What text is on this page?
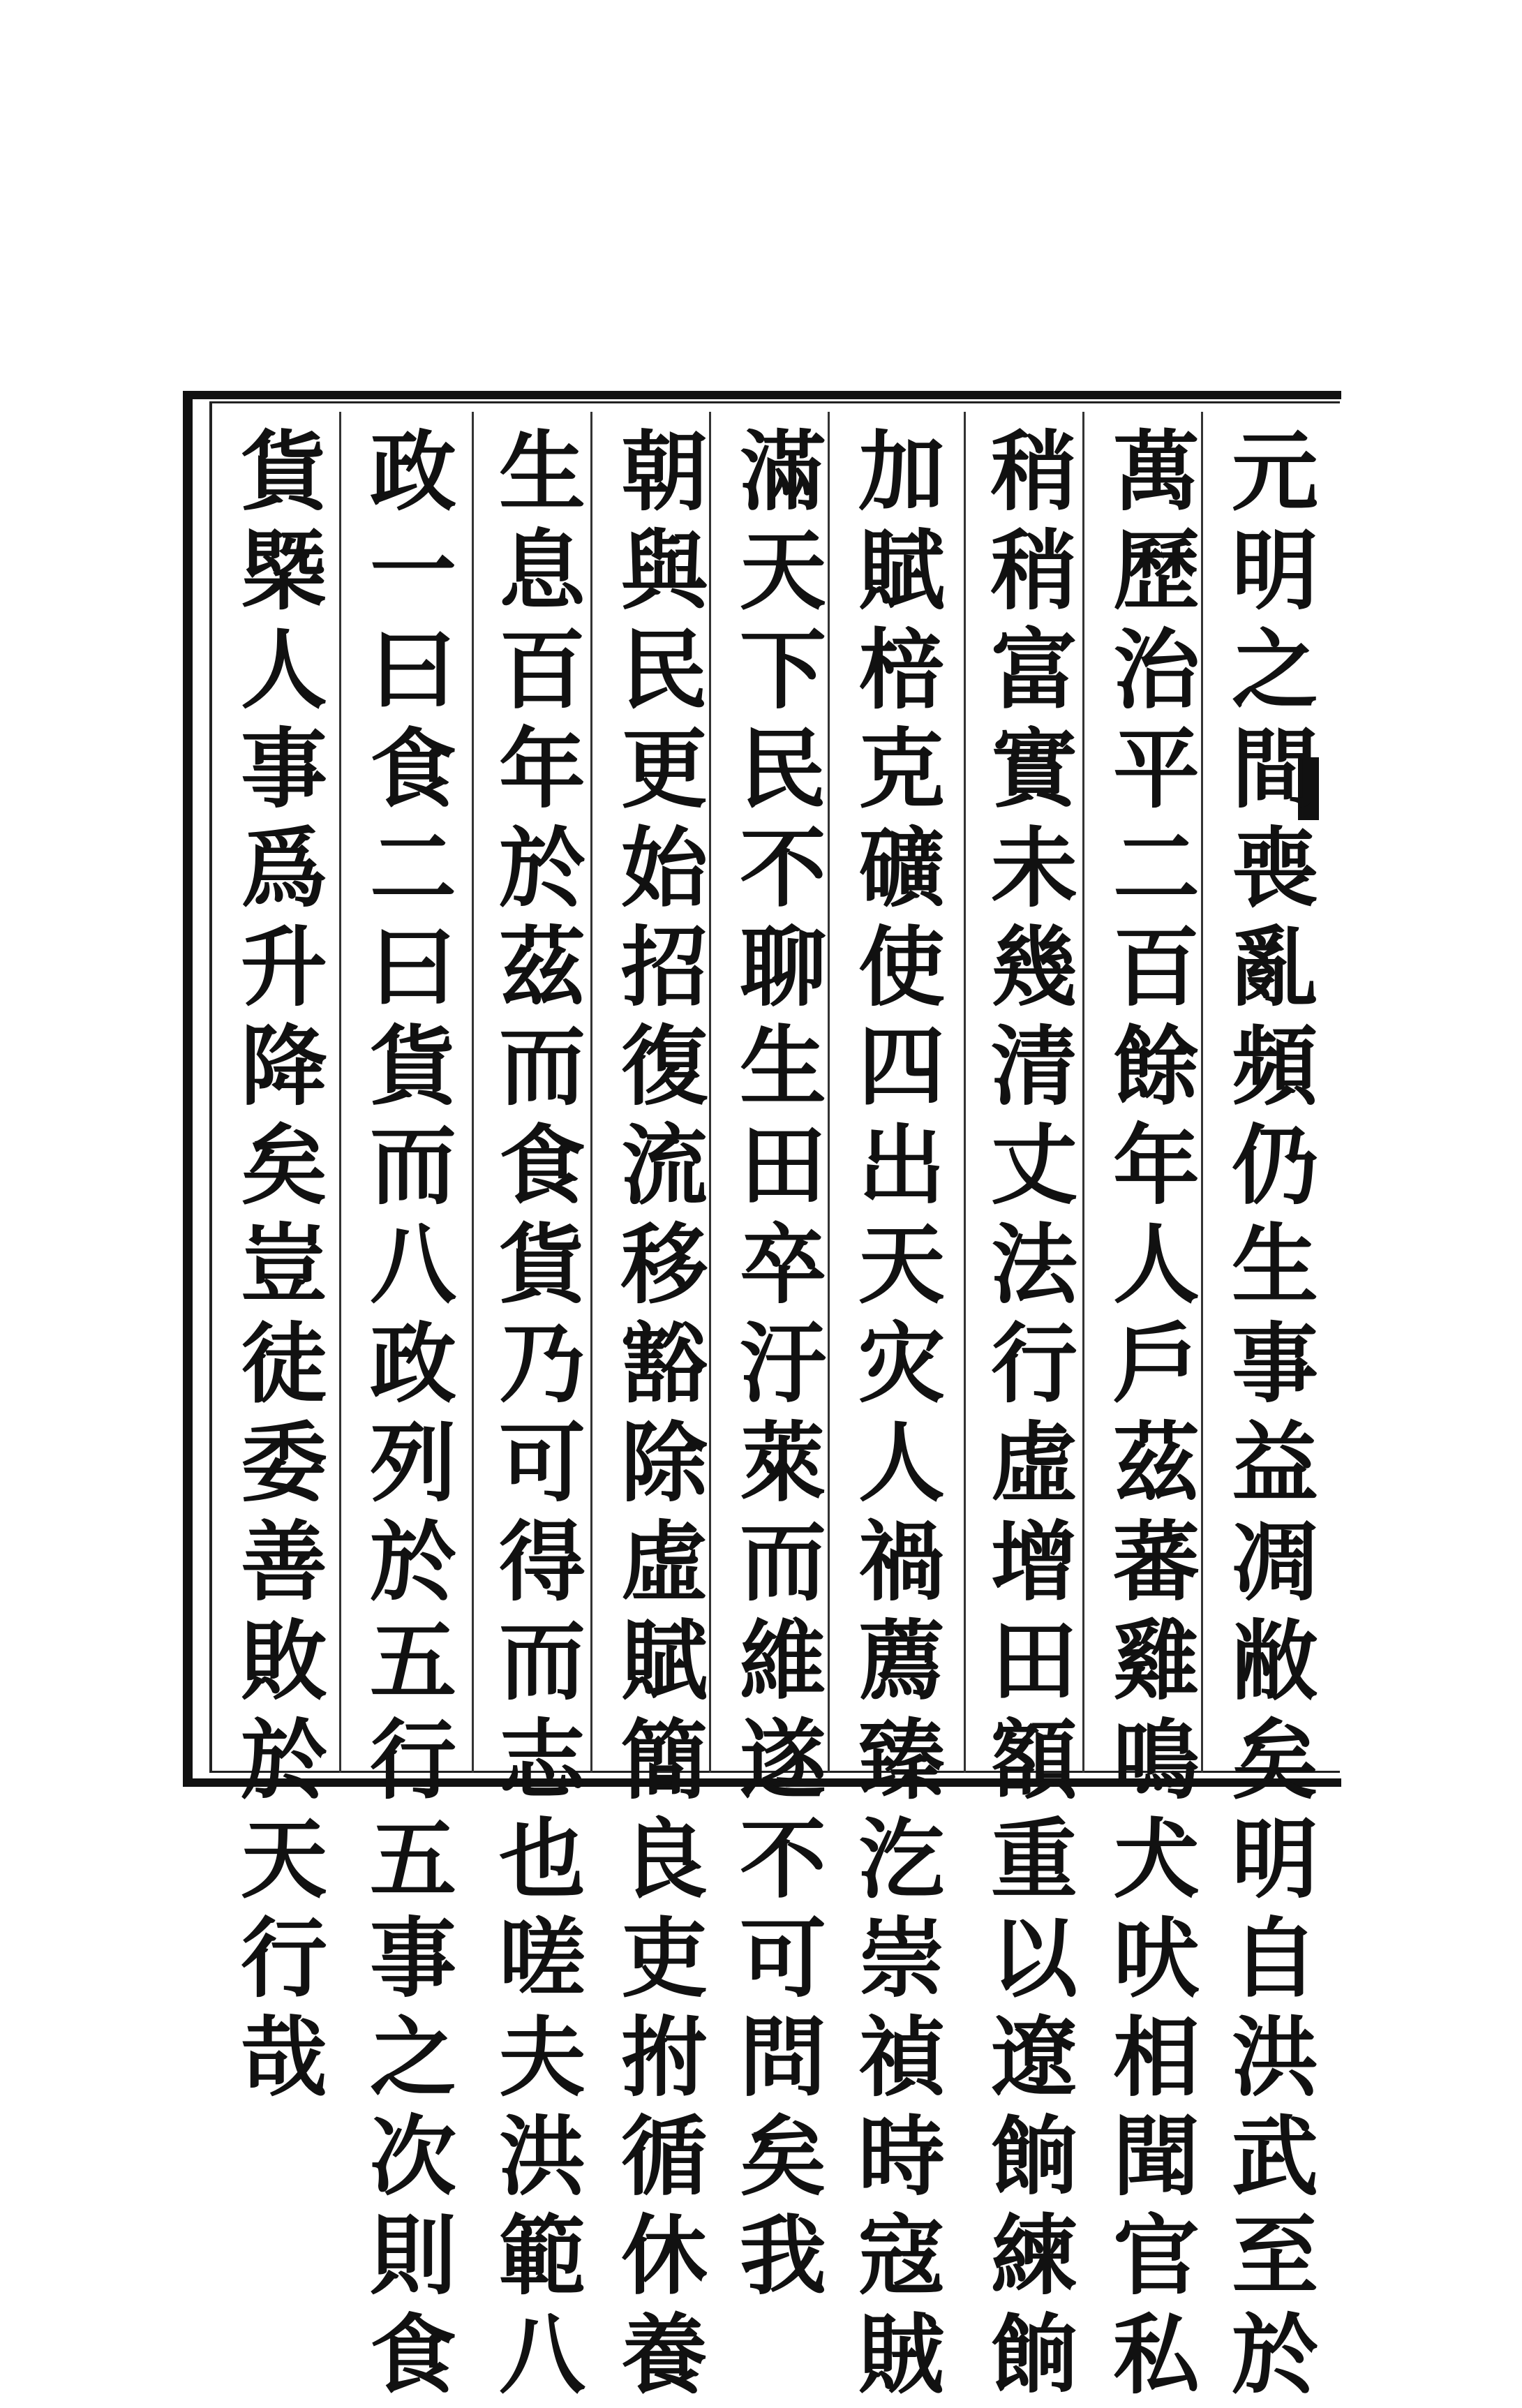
元明之間喪亂頻仍生事益凋敝矣明自洪武至於
萬歷治平二百餘年人戶茲蕃雞鳴犬吠相聞官私
稍稍富實未幾清丈法行虛增田額重以遼餉練餉
加賦棓克礦使四出天灾人禍薦臻汔崇禎時寇賊
滿天下民不聊生田卒汙萊而維遂不可問矣我
朝與民更始招復流移豁除虛賦簡良吏拊循休養
生息百年於茲而食貨乃可得而志也嗟夫洪範八
政一曰食二曰貨而八政列於五行五事之次則食
貨槩人事爲升降矣豈徒委善敗於天行哉
